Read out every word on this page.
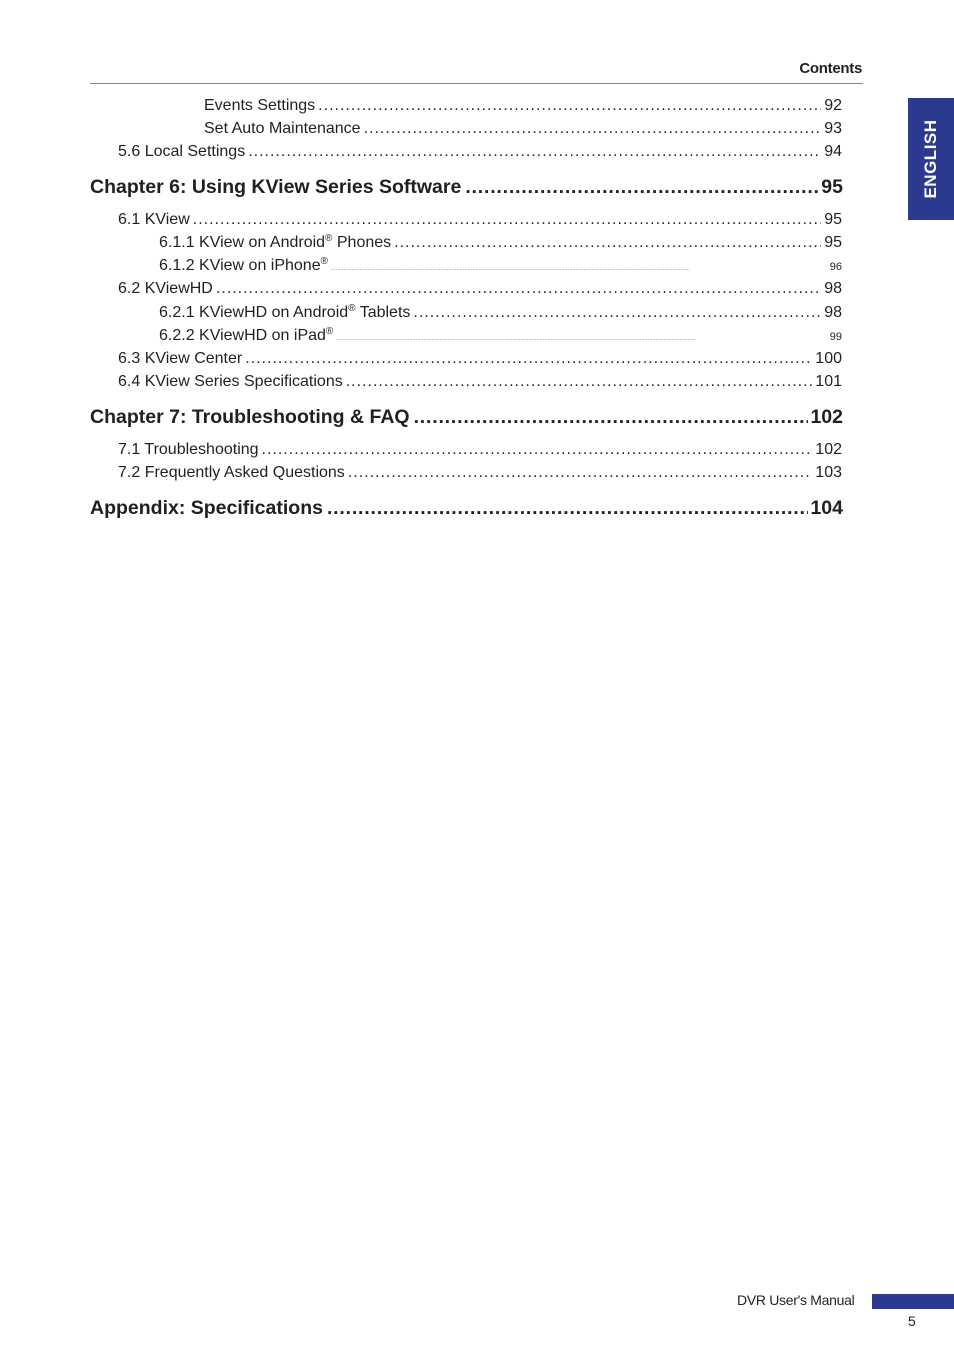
Contents
ENGLISH
Events Settings .....	92
Set Auto Maintenance .....	93
5.6 Local Settings .....	94
Chapter 6: Using KView Series Software .....	95
6.1 KView .....	95
6.1.1 KView on Android® Phones .....	95
6.1.2 KView on iPhone® .....	96
6.2 KViewHD .....	98
6.2.1 KViewHD on Android® Tablets .....	98
6.2.2 KViewHD on iPad® .....	99
6.3 KView Center .....	100
6.4 KView Series Specifications .....	101
Chapter 7: Troubleshooting & FAQ .....	102
7.1 Troubleshooting .....	102
7.2 Frequently Asked Questions .....	103
Appendix: Specifications .....	104
DVR User's Manual
5
